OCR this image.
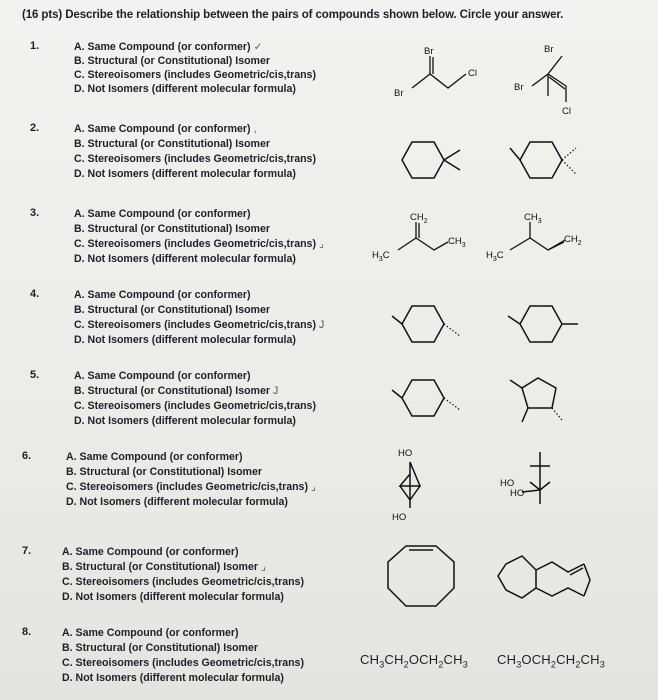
(16 pts) Describe the relationship between the pairs of compounds shown below. Circle your answer.
1.	A. Same Compound (or conformer) ✓
B. Structural (or Constitutional) Isomer
C. Stereoisomers (includes Geometric/cis,trans)
D. Not Isomers (different molecular formula)
2.	A. Same Compound (or conformer) ,
B. Structural (or Constitutional) Isomer
C. Stereoisomers (includes Geometric/cis,trans)
D. Not Isomers (different molecular formula)
3.	A. Same Compound (or conformer)
B. Structural (or Constitutional) Isomer
C. Stereoisomers (includes Geometric/cis,trans) ⌟
D. Not Isomers (different molecular formula)
4.	A. Same Compound (or conformer)
B. Structural (or Constitutional) Isomer
C. Stereoisomers (includes Geometric/cis,trans) J
D. Not Isomers (different molecular formula)
5.	A. Same Compound (or conformer)
B. Structural (or Constitutional) Isomer J
C. Stereoisomers (includes Geometric/cis,trans)
D. Not Isomers (different molecular formula)
6.	A. Same Compound (or conformer)
B. Structural (or Constitutional) Isomer
C. Stereoisomers (includes Geometric/cis,trans) ⌟
D. Not Isomers (different molecular formula)
7.	A. Same Compound (or conformer)
B. Structural (or Constitutional) Isomer ⌟
C. Stereoisomers (includes Geometric/cis,trans)
D. Not Isomers (different molecular formula)
8.	A. Same Compound (or conformer)
B. Structural (or Constitutional) Isomer
C. Stereoisomers (includes Geometric/cis,trans)
D. Not Isomers (different molecular formula)
Br
Cl
Br
Br
Br
Cl
$CH_2$
$CH_3$
$H_3C$
$CH_3$
$CH_2$
$H_3C$
HO
HO
HO
HO
$CH_3CH_2OCH_2CH_3$ $CH_3OCH_2CH_2CH_3$
